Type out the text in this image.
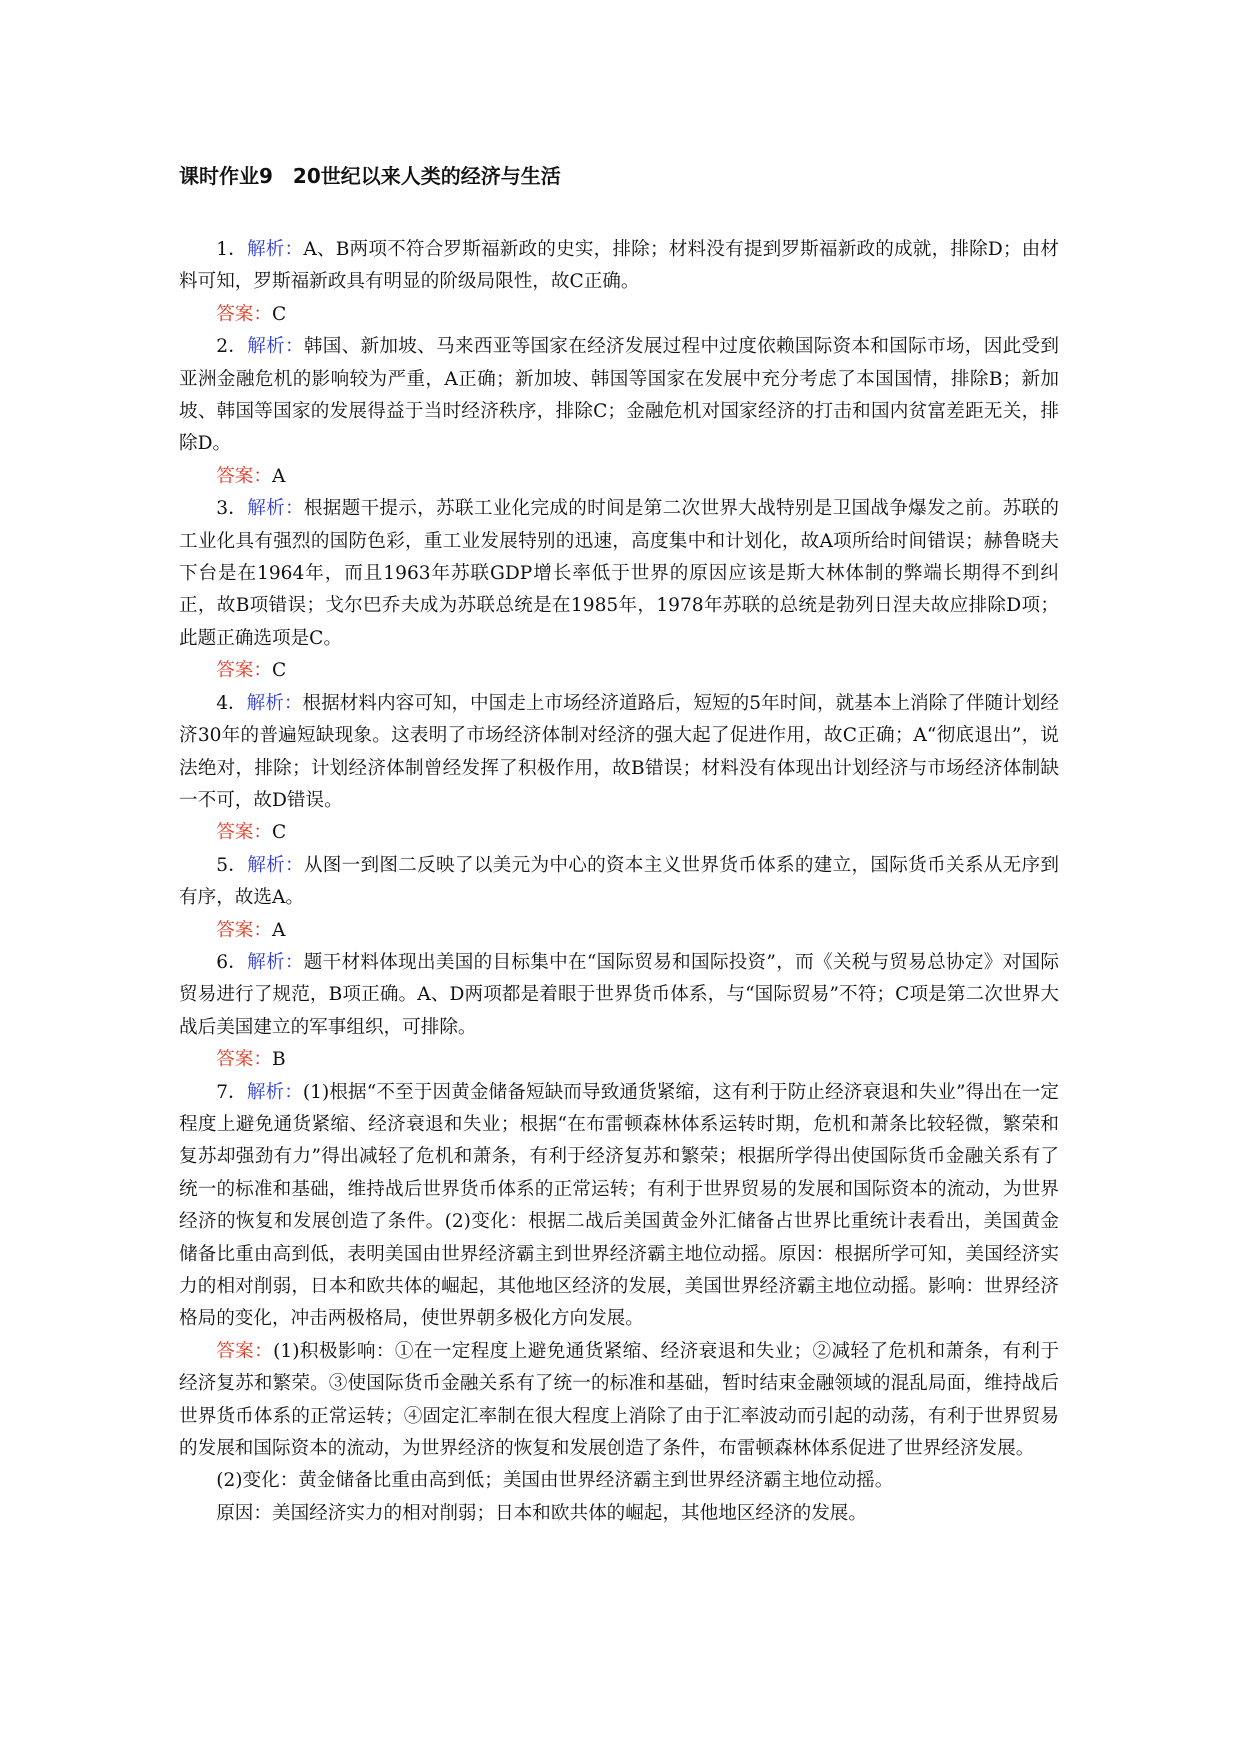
课时作业9　20世纪以来人类的经济与生活

1．解析：A、B两项不符合罗斯福新政的史实，排除；材料没有提到罗斯福新政的成就，排除D；由材料可知，罗斯福新政具有明显的阶级局限性，故C正确。

答案：C

2．解析：韩国、新加坡、马来西亚等国家在经济发展过程中过度依赖国际资本和国际市场，因此受到亚洲金融危机的影响较为严重，A正确；新加坡、韩国等国家在发展中充分考虑了本国国情，排除B；新加坡、韩国等国家的发展得益于当时经济秩序，排除C；金融危机对国家经济的打击和国内贫富差距无关，排除D。

答案：A

3．解析：根据题干提示，苏联工业化完成的时间是第二次世界大战特别是卫国战争爆发之前。苏联的工业化具有强烈的国防色彩，重工业发展特别的迅速，高度集中和计划化，故A项所给时间错误；赫鲁晓夫下台是在1964年，而且1963年苏联GDP增长率低于世界的原因应该是斯大林体制的弊端长期得不到纠正，故B项错误；戈尔巴乔夫成为苏联总统是在1985年，1978年苏联的总统是勃列日涅夫故应排除D项；此题正确选项是C。

答案：C

4．解析：根据材料内容可知，中国走上市场经济道路后，短短的5年时间，就基本上消除了伴随计划经济30年的普遍短缺现象。这表明了市场经济体制对经济的强大起了促进作用，故C正确；A“彻底退出”，说法绝对，排除；计划经济体制曾经发挥了积极作用，故B错误；材料没有体现出计划经济与市场经济体制缺一不可，故D错误。

答案：C

5．解析：从图一到图二反映了以美元为中心的资本主义世界货币体系的建立，国际货币关系从无序到有序，故选A。

答案：A

6．解析：题干材料体现出美国的目标集中在“国际贸易和国际投资”，而《关税与贸易总协定》对国际贸易进行了规范，B项正确。A、D两项都是着眼于世界货币体系，与“国际贸易”不符；C项是第二次世界大战后美国建立的军事组织，可排除。

答案：B

7．解析：(1)根据“不至于因黄金储备短缺而导致通货紧缩，这有利于防止经济衰退和失业”得出在一定程度上避免通货紧缩、经济衰退和失业；根据“在布雷顿森林体系运转时期，危机和萧条比较轻微，繁荣和复苏却强劲有力”得出减轻了危机和萧条，有利于经济复苏和繁荣；根据所学得出使国际货币金融关系有了统一的标准和基础，维持战后世界货币体系的正常运转；有利于世界贸易的发展和国际资本的流动，为世界经济的恢复和发展创造了条件。(2)变化：根据二战后美国黄金外汇储备占世界比重统计表看出，美国黄金储备比重由高到低，表明美国由世界经济霸主到世界经济霸主地位动摇。原因：根据所学可知，美国经济实力的相对削弱，日本和欧共体的崛起，其他地区经济的发展，美国世界经济霸主地位动摇。影响：世界经济格局的变化，冲击两极格局，使世界朝多极化方向发展。

答案：(1)积极影响：①在一定程度上避免通货紧缩、经济衰退和失业；②减轻了危机和萧条，有利于经济复苏和繁荣。③使国际货币金融关系有了统一的标准和基础，暂时结束金融领域的混乱局面，维持战后世界货币体系的正常运转；④固定汇率制在很大程度上消除了由于汇率波动而引起的动荡，有利于世界贸易的发展和国际资本的流动，为世界经济的恢复和发展创造了条件，布雷顿森林体系促进了世界经济发展。

(2)变化：黄金储备比重由高到低；美国由世界经济霸主到世界经济霸主地位动摇。

原因：美国经济实力的相对削弱；日本和欧共体的崛起，其他地区经济的发展。
